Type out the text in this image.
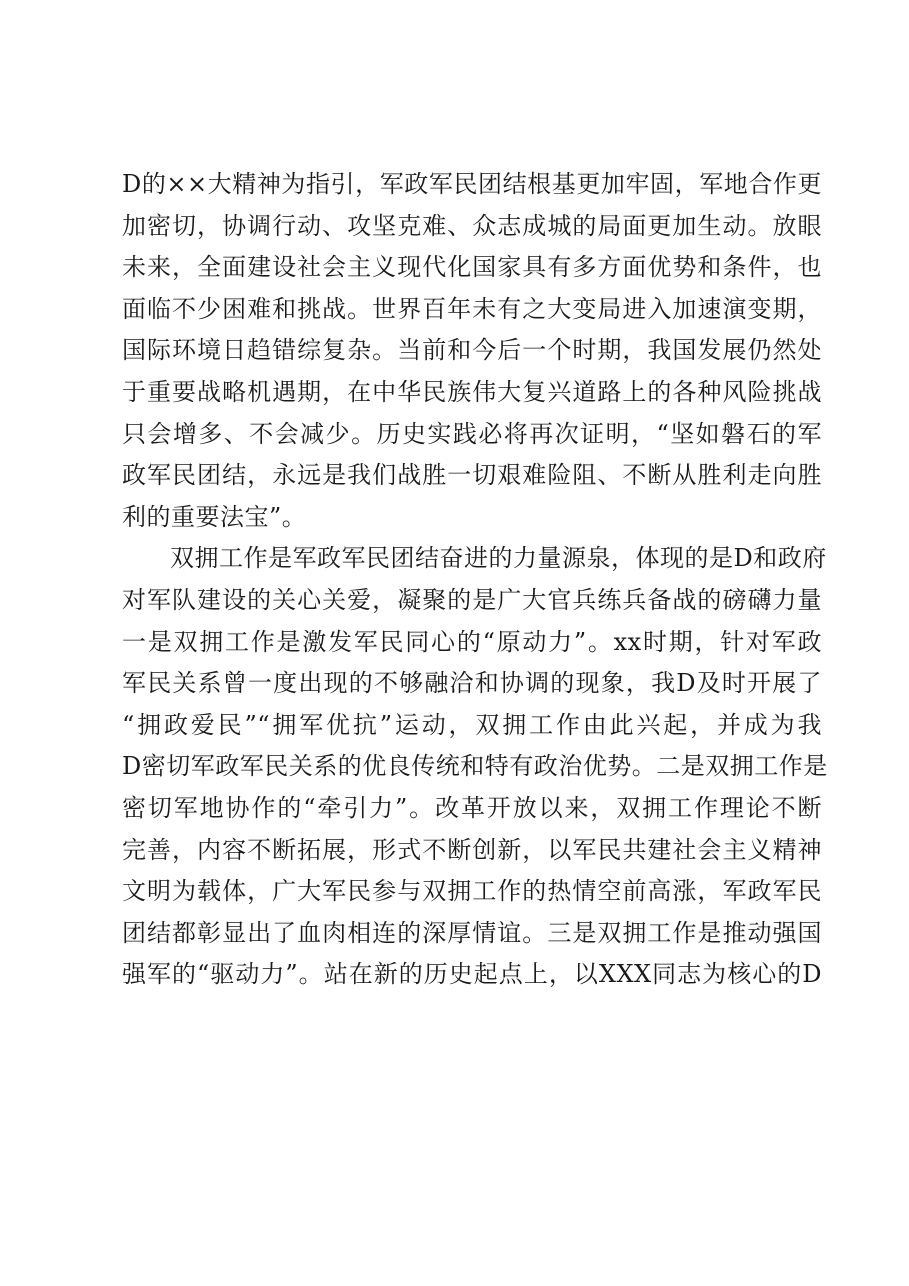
D的××大精神为指引，军政军民团结根基更加牢固，军地合作更
加密切，协调行动、攻坚克难、众志成城的局面更加生动。放眼
未来，全面建设社会主义现代化国家具有多方面优势和条件，也
面临不少困难和挑战。世界百年未有之大变局进入加速演变期，
国际环境日趋错综复杂。当前和今后一个时期，我国发展仍然处
于重要战略机遇期，在中华民族伟大复兴道路上的各种风险挑战
只会增多、不会减少。历史实践必将再次证明，“坚如磐石的军
政军民团结，永远是我们战胜一切艰难险阻、不断从胜利走向胜
利的重要法宝”。
双拥工作是军政军民团结奋进的力量源泉，体现的是D和政府
对军队建设的关心关爱，凝聚的是广大官兵练兵备战的磅礴力量
一是双拥工作是激发军民同心的“原动力”。xx时期，针对军政
军民关系曾一度出现的不够融洽和协调的现象，我D及时开展了
“拥政爱民”“拥军优抗”运动，双拥工作由此兴起，并成为我
D密切军政军民关系的优良传统和特有政治优势。二是双拥工作是
密切军地协作的“牵引力”。改革开放以来，双拥工作理论不断
完善，内容不断拓展，形式不断创新，以军民共建社会主义精神
文明为载体，广大军民参与双拥工作的热情空前高涨，军政军民
团结都彰显出了血肉相连的深厚情谊。三是双拥工作是推动强国
强军的“驱动力”。站在新的历史起点上，以XXX同志为核心的D
